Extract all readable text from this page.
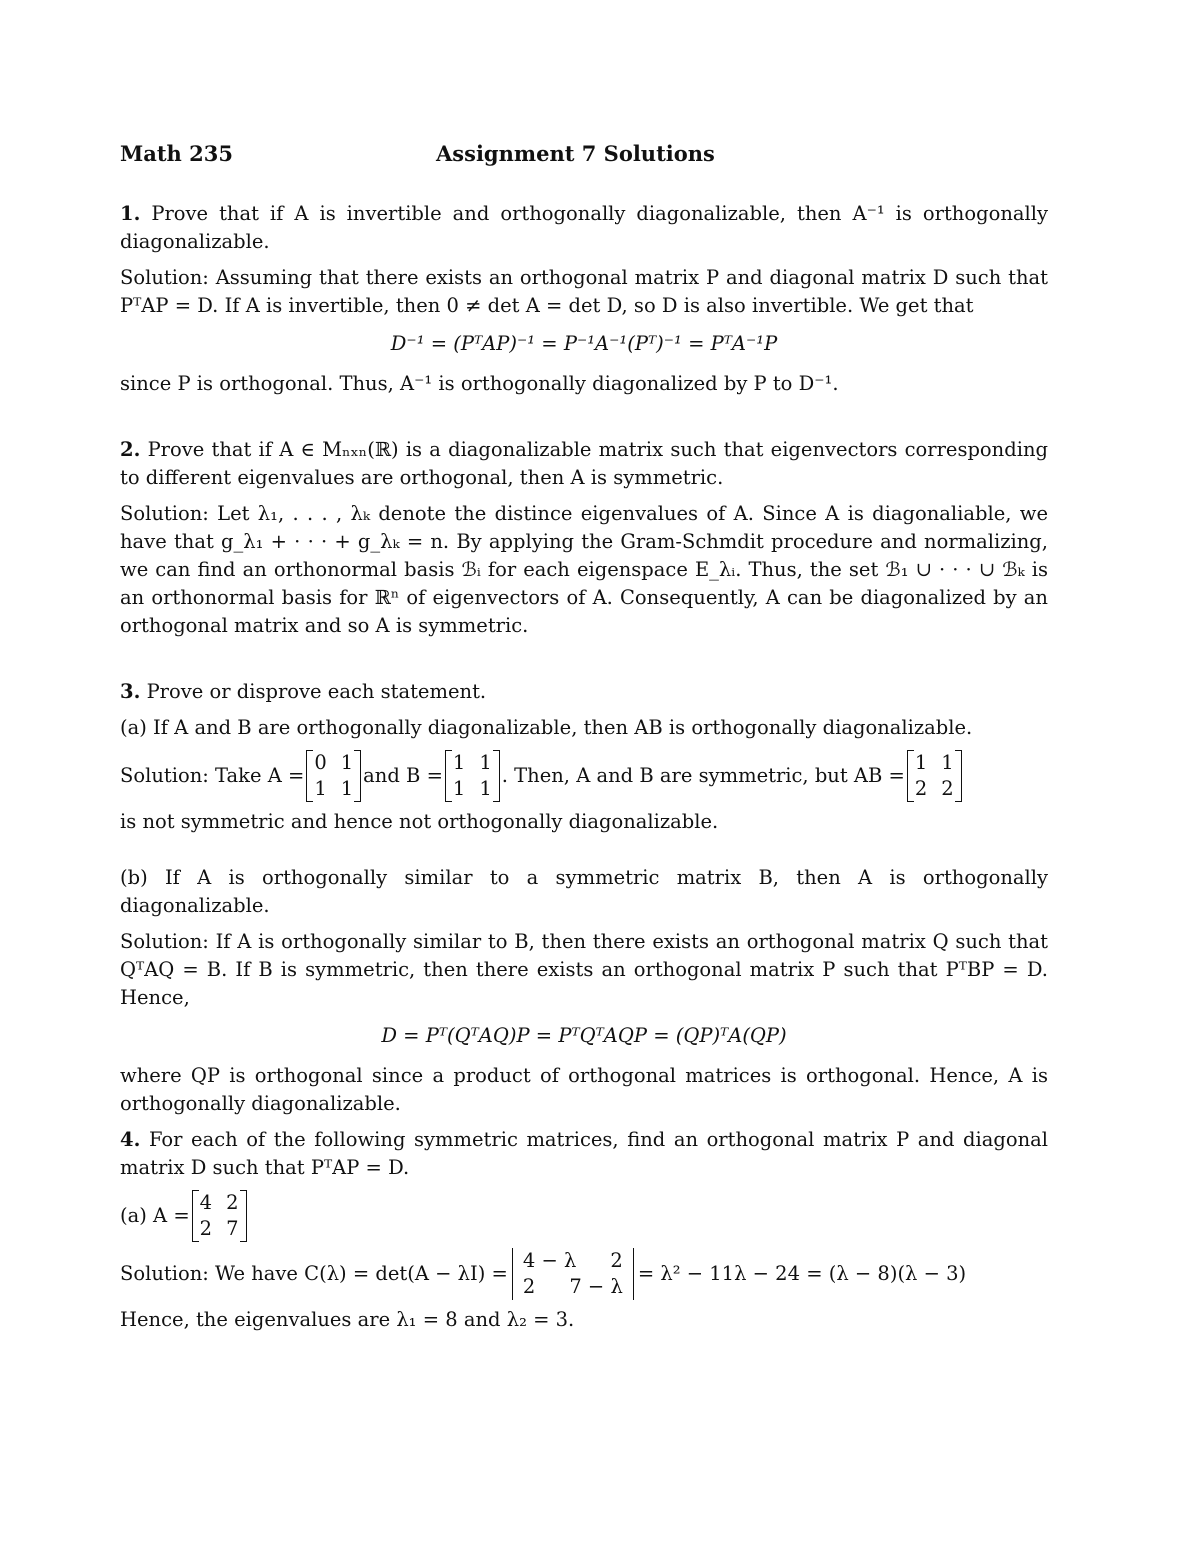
Math 235	Assignment 7 Solutions

1. Prove that if A is invertible and orthogonally diagonalizable, then A⁻¹ is orthogonally diagonalizable.

Solution: Assuming that there exists an orthogonal matrix P and diagonal matrix D such that PᵀAP = D. If A is invertible, then 0 ≠ det A = det D, so D is also invertible. We get that

D⁻¹ = (PᵀAP)⁻¹ = P⁻¹A⁻¹(Pᵀ)⁻¹ = PᵀA⁻¹P

since P is orthogonal. Thus, A⁻¹ is orthogonally diagonalized by P to D⁻¹.

2. Prove that if A ∈ Mₙₓₙ(ℝ) is a diagonalizable matrix such that eigenvectors corresponding to different eigenvalues are orthogonal, then A is symmetric.

Solution: Let λ₁, . . . , λₖ denote the distince eigenvalues of A. Since A is diagonaliable, we have that g_λ₁ + · · · + g_λₖ = n. By applying the Gram-Schmdit procedure and normalizing, we can find an orthonormal basis ℬᵢ for each eigenspace E_λᵢ. Thus, the set ℬ₁ ∪ · · · ∪ ℬₖ is an orthonormal basis for ℝⁿ of eigenvectors of A. Consequently, A can be diagonalized by an orthogonal matrix and so A is symmetric.

3. Prove or disprove each statement.

(a) If A and B are orthogonally diagonalizable, then AB is orthogonally diagonalizable.

Solution: Take A =
0 1
1 1
and B =
1 1
1 1
. Then, A and B are symmetric, but AB =
1 1
2 2

is not symmetric and hence not orthogonally diagonalizable.

(b) If A is orthogonally similar to a symmetric matrix B, then A is orthogonally diagonalizable.

Solution: If A is orthogonally similar to B, then there exists an orthogonal matrix Q such that QᵀAQ = B. If B is symmetric, then there exists an orthogonal matrix P such that PᵀBP = D. Hence,

D = Pᵀ(QᵀAQ)P = PᵀQᵀAQP = (QP)ᵀA(QP)

where QP is orthogonal since a product of orthogonal matrices is orthogonal. Hence, A is orthogonally diagonalizable.

4. For each of the following symmetric matrices, find an orthogonal matrix P and diagonal matrix D such that PᵀAP = D.

(a) A =
4 2
2 7
Solution: We have C(λ) = det(A − λI) =
4 − λ 2
2 7 − λ
= λ² − 11λ − 24 = (λ − 8)(λ − 3)

Hence, the eigenvalues are λ₁ = 8 and λ₂ = 3.
